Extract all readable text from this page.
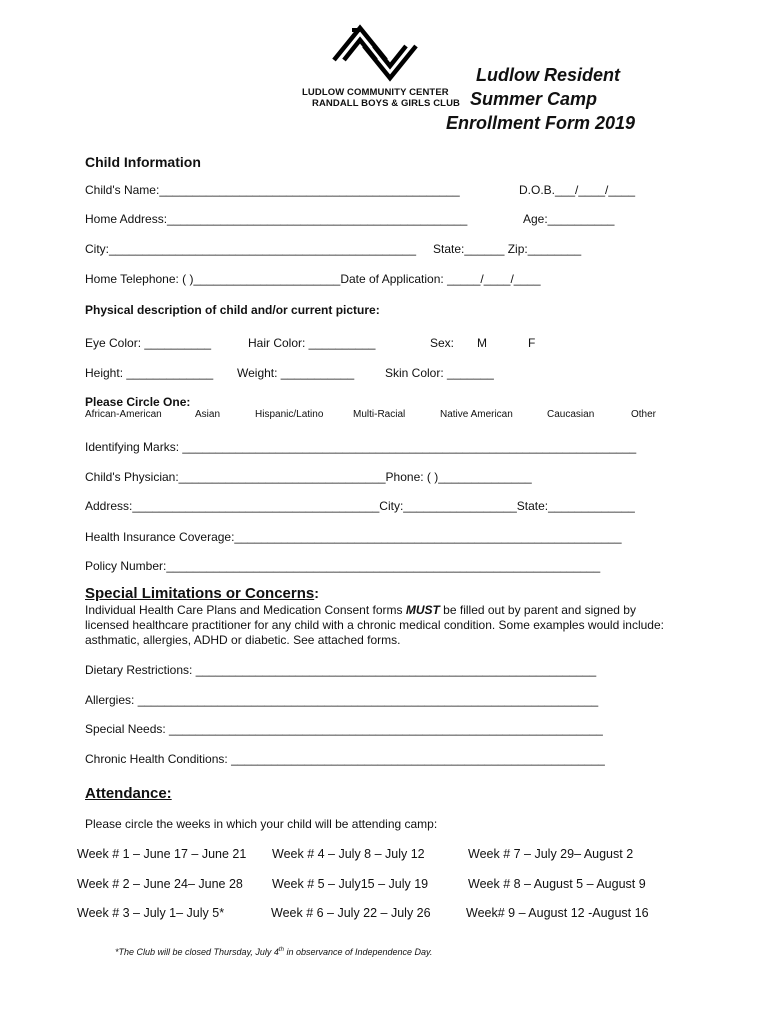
LUDLOW COMMUNITY CENTER
RANDALL BOYS & GIRLS CLUB
Ludlow Resident
Summer Camp
Enrollment Form 2019
Child Information
Child's Name:_____________________________________________	D.O.B.___/____/____
Home Address:_____________________________________________	Age:__________
City:______________________________________________ State:______ Zip:________
Home Telephone: ( )______________________Date of Application: _____/____/____
Physical description of child and/or current picture:
Eye Color: __________	Hair Color: __________	Sex: M	F
Height: _____________ Weight: ___________	Skin Color: _______
Please Circle One:
African-American	Asian	Hispanic/Latino	Multi-Racial	Native American	Caucasian	Other
Identifying Marks: ____________________________________________________________________
Child's Physician:_______________________________Phone: ( )______________
Address:_____________________________________City:_________________State:_____________
Health Insurance Coverage:__________________________________________________________
Policy Number:_________________________________________________________________
Special Limitations or Concerns:
Individual Health Care Plans and Medication Consent forms MUST be filled out by parent and signed by licensed healthcare practitioner for any child with a chronic medical condition. Some examples would include: asthmatic, allergies, ADHD or diabetic. See attached forms.
Dietary Restrictions: ____________________________________________________________
Allergies: _____________________________________________________________________
Special Needs: _________________________________________________________________
Chronic Health Conditions: ________________________________________________________
Attendance:
Please circle the weeks in which your child will be attending camp:
Week # 1 – June 17 – June 21 Week # 4 – July 8 – July 12	Week # 7 – July 29– August 2
Week # 2 – June 24– June 28 Week # 5 – July15 – July 19	Week # 8 – August 5 – August 9
Week # 3 – July 1– July 5*	Week # 6 – July 22 – July 26	Week# 9 – August 12 -August 16
*The Club will be closed Thursday, July 4th in observance of Independence Day.
